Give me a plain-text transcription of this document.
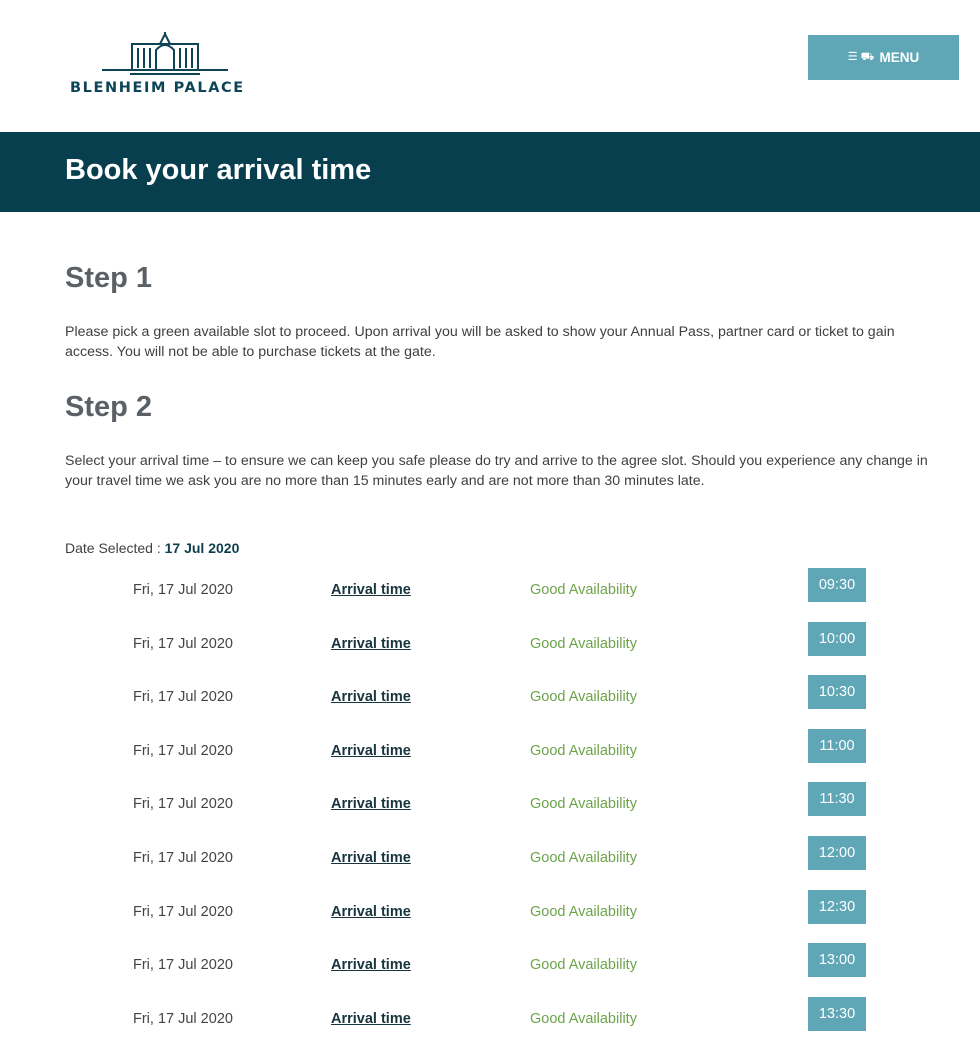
BLENHEIM PALACE
☰ ⛟ MENU
Book your arrival time
Step 1

Please pick a green available slot to proceed. Upon arrival you will be asked to show your Annual Pass, partner card or ticket to gain access. You will not be able to purchase tickets at the gate.

Step 2

Select your arrival time – to ensure we can keep you safe please do try and arrive to the agree slot. Should you experience any change in your travel time we ask you are no more than 15 minutes early and are not more than 30 minutes late.

Date Selected : 17 Jul 2020
Fri, 17 Jul 2020	Arrival time	Good Availability	09:30
Fri, 17 Jul 2020	Arrival time	Good Availability	10:00
Fri, 17 Jul 2020	Arrival time	Good Availability	10:30
Fri, 17 Jul 2020	Arrival time	Good Availability	11:00
Fri, 17 Jul 2020	Arrival time	Good Availability	11:30
Fri, 17 Jul 2020	Arrival time	Good Availability	12:00
Fri, 17 Jul 2020	Arrival time	Good Availability	12:30
Fri, 17 Jul 2020	Arrival time	Good Availability	13:00
Fri, 17 Jul 2020	Arrival time	Good Availability	13:30
